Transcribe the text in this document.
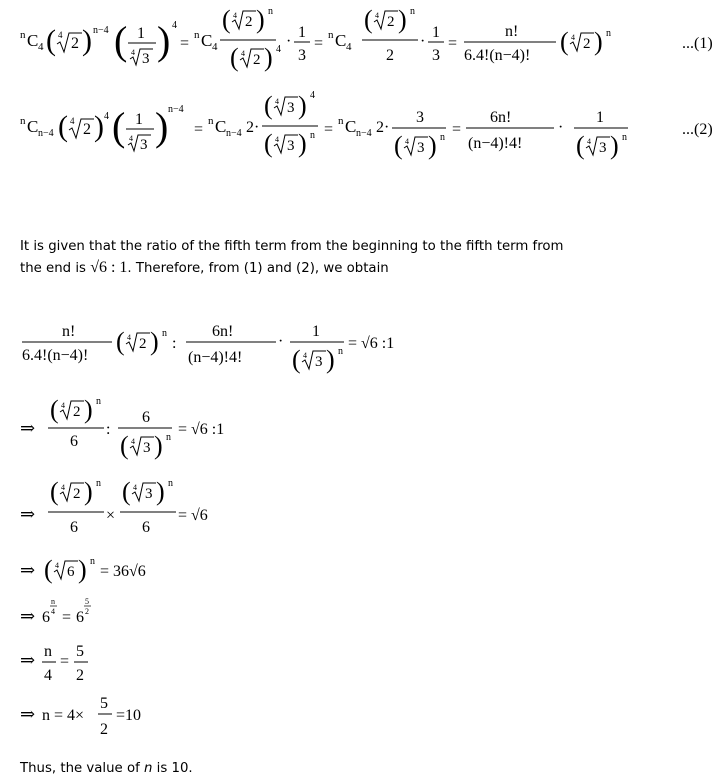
n C 4 ( 4 2 ) n−4 ( 1
4 3 ) 4
= n C 4
( 4 2 ) n
( 4 2 ) 4 ·
1
3
= n C 4
( 4 2 ) n
2
·
1
3
=
n!
6.4!(n−4)! ( 4 2 ) n
...(1)
n C n−4 ( 4 2 ) 4 ( 1
4 3 ) n−4
= n C n−4 2·
( 4 3 ) 4
( 4 3 ) n = n C n−4 2·
3
( 4 3 ) n =
6n!
(n−4)!4!
·
1
( 4 3 ) n	...(2)
It is given that the ratio of the fifth term from the beginning to the fifth term from
the end is √6 : 1. Therefore, from (1) and (2), we obtain
n!
6.4!(n−4)! ( 4 2 ) n
:
6n!
(n−4)!4!
·
1
( 4 3 ) n = √6 :1
⇒
( 4 2 ) n
6
:
6
( 4 3 ) n = √6 :1
⇒
( 4 2 ) n
6
×
( 4 3 ) n
6
= √6
⇒ ( 4 6 ) n
= 36√6
⇒ 6
n
4 = 6
5
2
⇒ n
4
=
5
2
⇒ n = 4×
5
2
=10
Thus, the value of n is 10.
